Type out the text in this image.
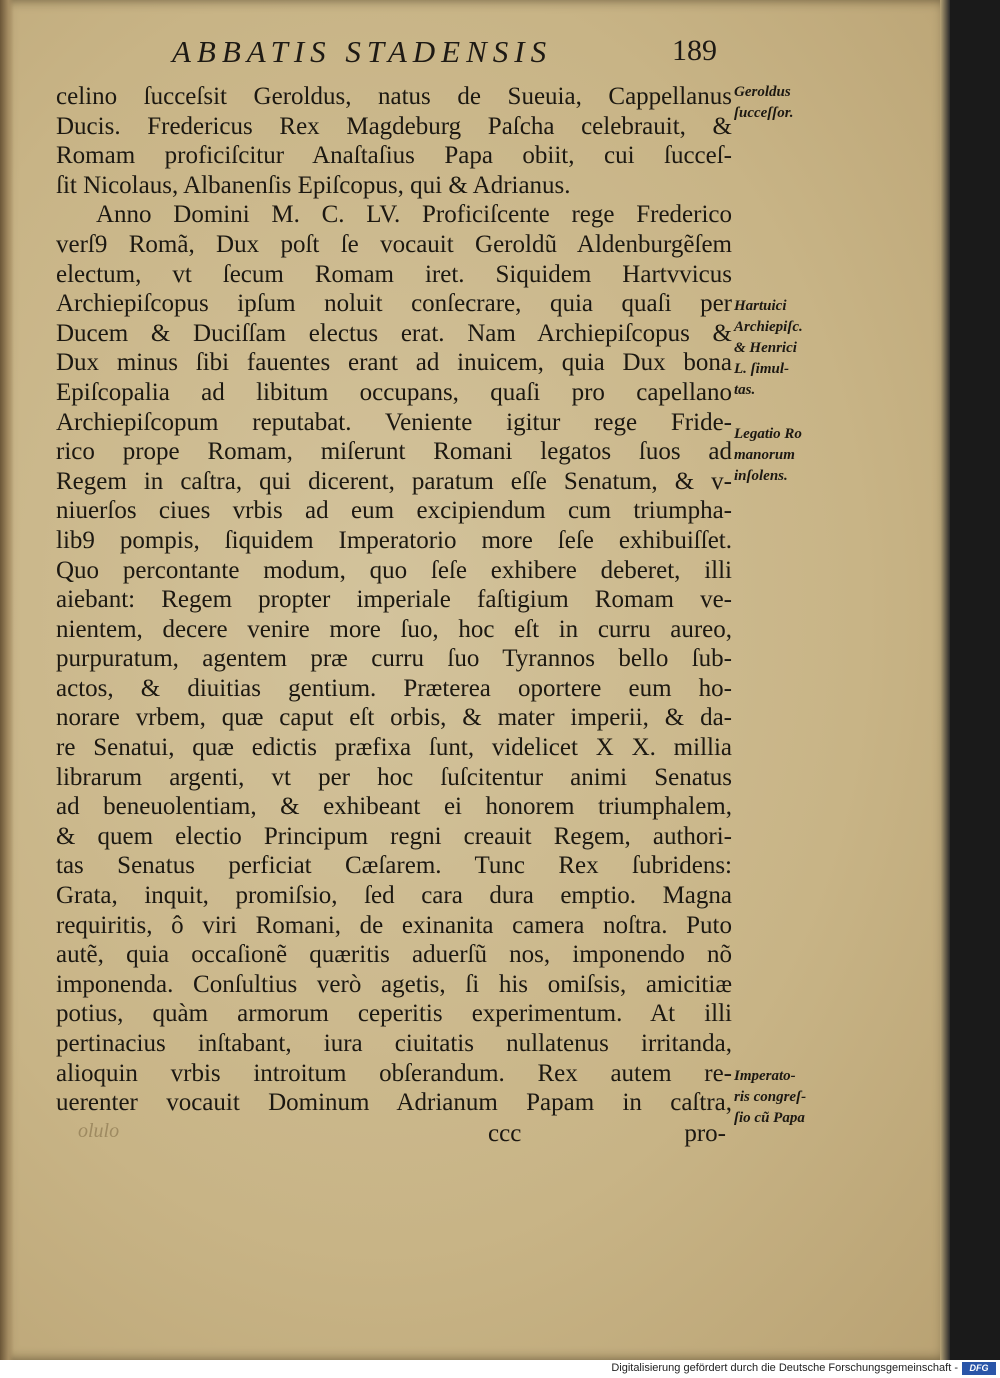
ABBATIS STADENSIS	189
celino ſucceſsit Geroldus, natus de Sueuia, Cappellanus
Ducis. Fredericus Rex Magdeburg Paſcha celebrauit, &
Romam proficiſcitur Anaſtaſius Papa obiit, cui ſucceſ-
ſit Nicolaus, Albanenſis Epiſcopus, qui & Adrianus.
Anno Domini M. C. LV. Proficiſcente rege Frederico
verſ9 Romã, Dux poſt ſe vocauit Geroldũ Aldenburgẽſem
electum, vt ſecum Romam iret. Siquidem Hartvvicus
Archiepiſcopus ipſum noluit conſecrare, quia quaſi per
Ducem & Duciſſam electus erat. Nam Archiepiſcopus &
Dux minus ſibi fauentes erant ad inuicem, quia Dux bona
Epiſcopalia ad libitum occupans, quaſi pro capellano
Archiepiſcopum reputabat. Veniente igitur rege Fride-
rico prope Romam, miſerunt Romani legatos ſuos ad
Regem in caſtra, qui dicerent, paratum eſſe Senatum, & v-
niuerſos ciues vrbis ad eum excipiendum cum triumpha-
lib9 pompis, ſiquidem Imperatorio more ſeſe exhibuiſſet.
Quo percontante modum, quo ſeſe exhibere deberet, illi
aiebant: Regem propter imperiale faſtigium Romam ve-
nientem, decere venire more ſuo, hoc eſt in curru aureo,
purpuratum, agentem præ curru ſuo Tyrannos bello ſub-
actos, & diuitias gentium. Præterea oportere eum ho-
norare vrbem, quæ caput eſt orbis, & mater imperii, & da-
re Senatui, quæ edictis præfixa ſunt, videlicet X X. millia
librarum argenti, vt per hoc ſuſcitentur animi Senatus
ad beneuolentiam, & exhibeant ei honorem triumphalem,
& quem electio Principum regni creauit Regem, authori-
tas Senatus perficiat Cæſarem. Tunc Rex ſubridens:
Grata, inquit, promiſsio, ſed cara dura emptio. Magna
requiritis, ô viri Romani, de exinanita camera noſtra. Puto
autẽ, quia occaſionẽ quæritis aduerſũ nos, imponendo nõ
imponenda. Conſultius verò agetis, ſi his omiſsis, amicitiæ
potius, quàm armorum ceperitis experimentum. At illi
pertinacius inſtabant, iura ciuitatis nullatenus irritanda,
alioquin vrbis introitum obſerandum. Rex autem re-
uerenter vocauit Dominum Adrianum Papam in caſtra,
Geroldus
ſucceſſor.
Hartuici
Archiepiſc.
& Henrici
L. ſimul-
tas.
Legatio Ro
manorum
inſolens.
Imperato-
ris congreſ-
ſio cũ Papa
olulo	ccc	pro-
Digitalisierung gefördert durch die Deutsche Forschungsgemeinschaft -	DFG
